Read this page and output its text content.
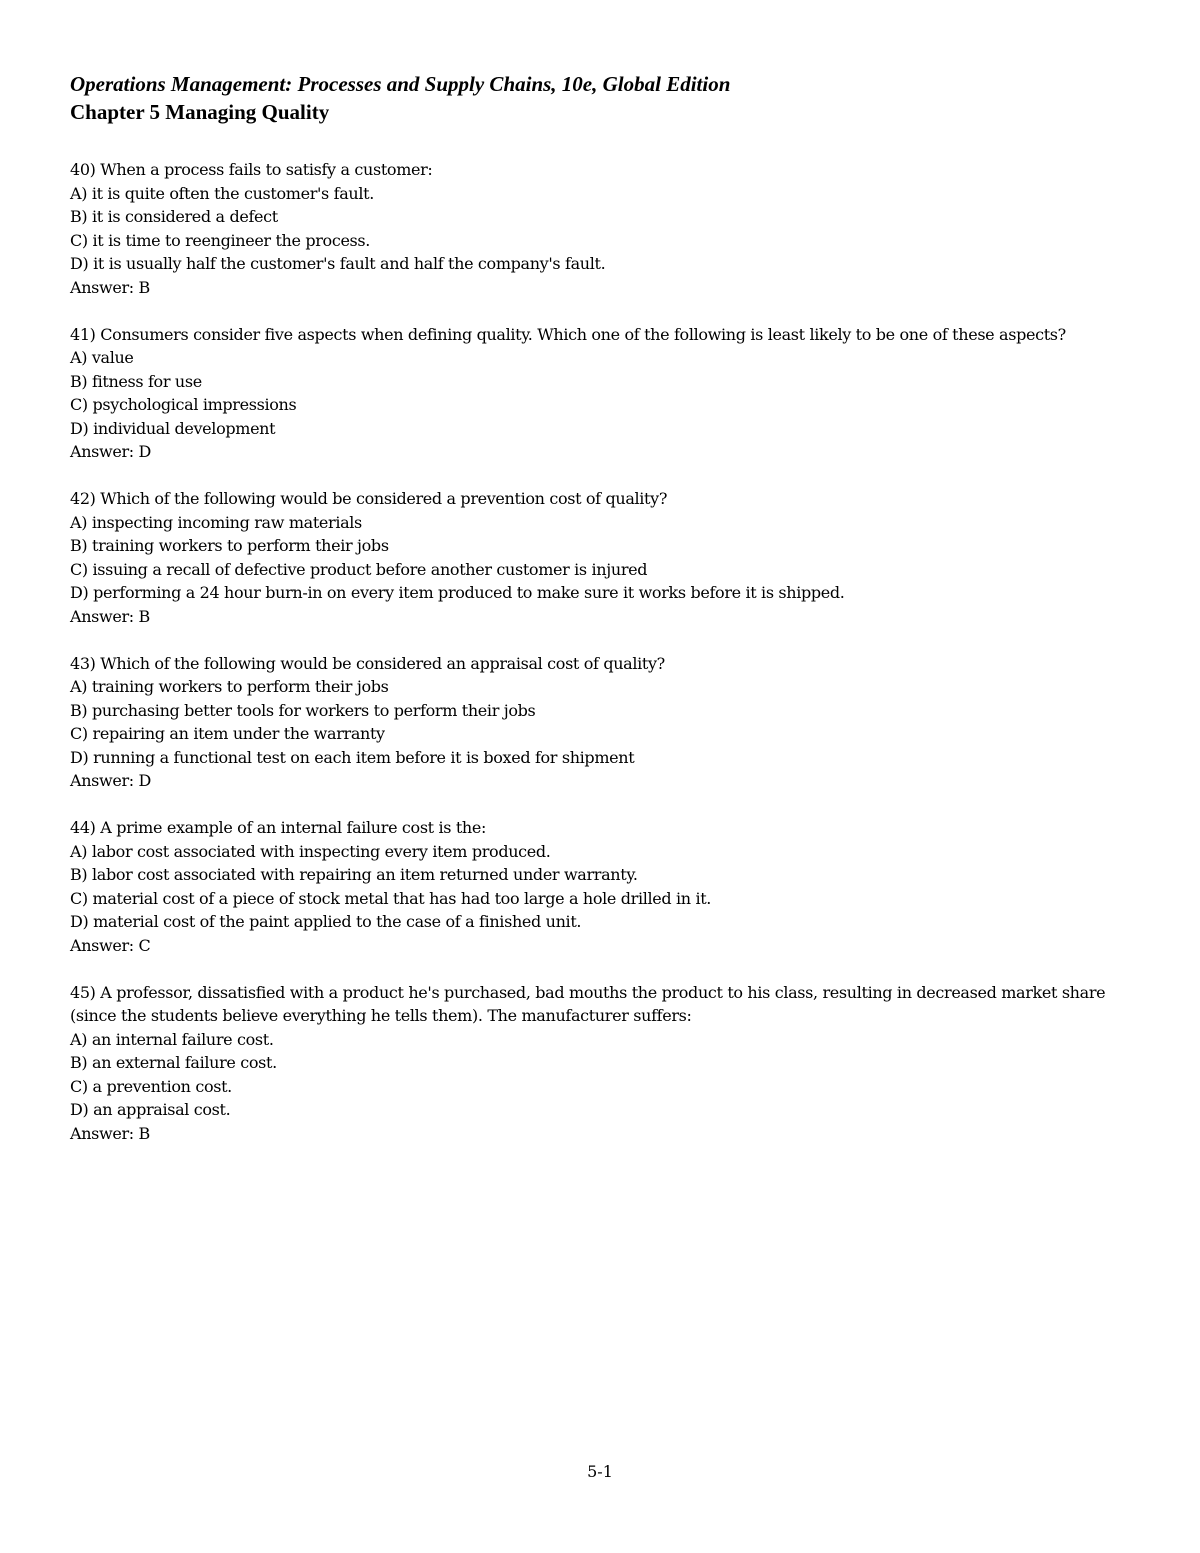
Operations Management: Processes and Supply Chains, 10e, Global Edition

Chapter 5 Managing Quality

40) When a process fails to satisfy a customer:

A) it is quite often the customer's fault.

B) it is considered a defect

C) it is time to reengineer the process.

D) it is usually half the customer's fault and half the company's fault.

Answer: B

41) Consumers consider five aspects when defining quality. Which one of the following is least likely to be one of these aspects?

A) value

B) fitness for use

C) psychological impressions

D) individual development

Answer: D

42) Which of the following would be considered a prevention cost of quality?

A) inspecting incoming raw materials

B) training workers to perform their jobs

C) issuing a recall of defective product before another customer is injured

D) performing a 24 hour burn-in on every item produced to make sure it works before it is shipped.

Answer: B

43) Which of the following would be considered an appraisal cost of quality?

A) training workers to perform their jobs

B) purchasing better tools for workers to perform their jobs

C) repairing an item under the warranty

D) running a functional test on each item before it is boxed for shipment

Answer: D

44) A prime example of an internal failure cost is the:

A) labor cost associated with inspecting every item produced.

B) labor cost associated with repairing an item returned under warranty.

C) material cost of a piece of stock metal that has had too large a hole drilled in it.

D) material cost of the paint applied to the case of a finished unit.

Answer: C

45) A professor, dissatisfied with a product he's purchased, bad mouths the product to his class, resulting in decreased market share (since the students believe everything he tells them). The manufacturer suffers:

A) an internal failure cost.

B) an external failure cost.

C) a prevention cost.

D) an appraisal cost.

Answer: B

5-1
